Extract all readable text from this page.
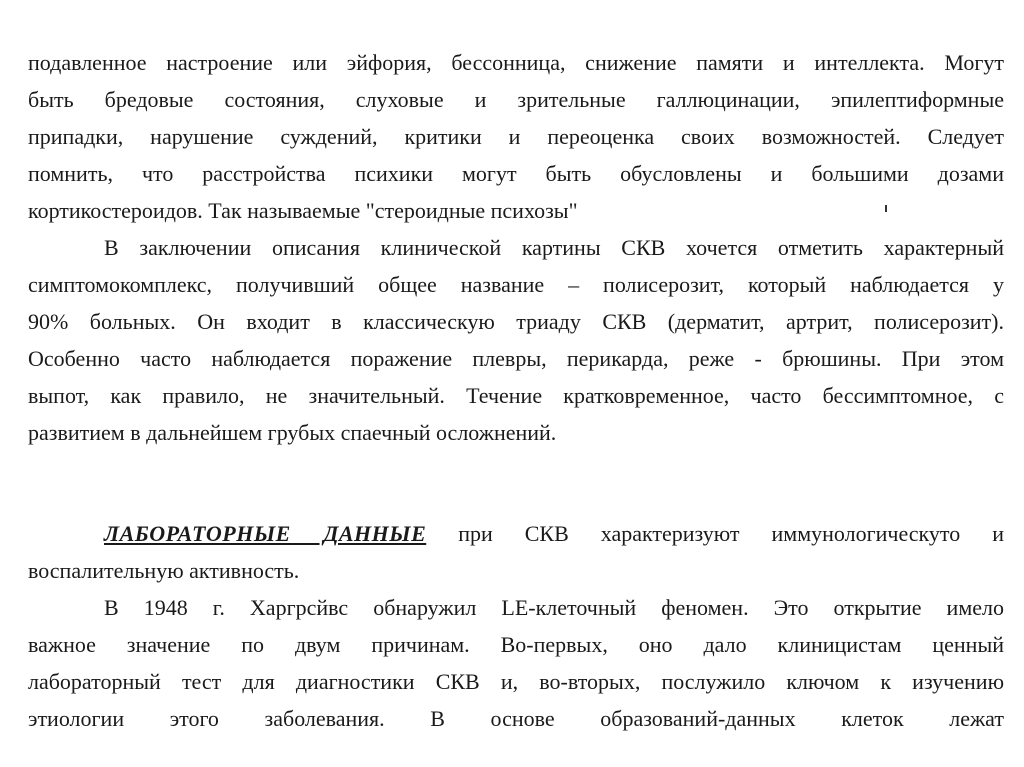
подавленное настроение или эйфория, бессонница, снижение памяти и интеллекта. Могут
быть бредовые состояния, слуховые и зрительные галлюцинации, эпилептиформные
припадки, нарушение суждений, критики и переоценка своих возможностей. Следует
помнить, что расстройства психики могут быть обусловлены и большими дозами
кортикостероидов. Так называемые "стероидные психозы"
В заключении описания клинической картины СКВ хочется отметить характерный
симптомокомплекс, получивший общее название – полисерозит, который наблюдается у
90% больных. Он входит в классическую триаду СКВ (дерматит, артрит, полисерозит).
Особенно часто наблюдается поражение плевры, перикарда, реже - брюшины. При этом
выпот, как правило, не значительный. Течение кратковременное, часто бессимптомное, с
развитием в дальнейшем грубых спаечный осложнений.
ЛАБОРАТОРНЫЕ ДАННЫЕ при СКВ характеризуют иммунологическуто и
воспалительную активность.
В 1948 г. Харгрсйвс обнаружил LE-клеточный феномен. Это открытие имело
важное значение по двум причинам. Во-первых, оно дало клиницистам ценный
лабораторный тест для диагностики СКВ и, во-вторых, послужило ключом к изучению
этиологии этого заболевания. В основе образований-данных клеток лежат
